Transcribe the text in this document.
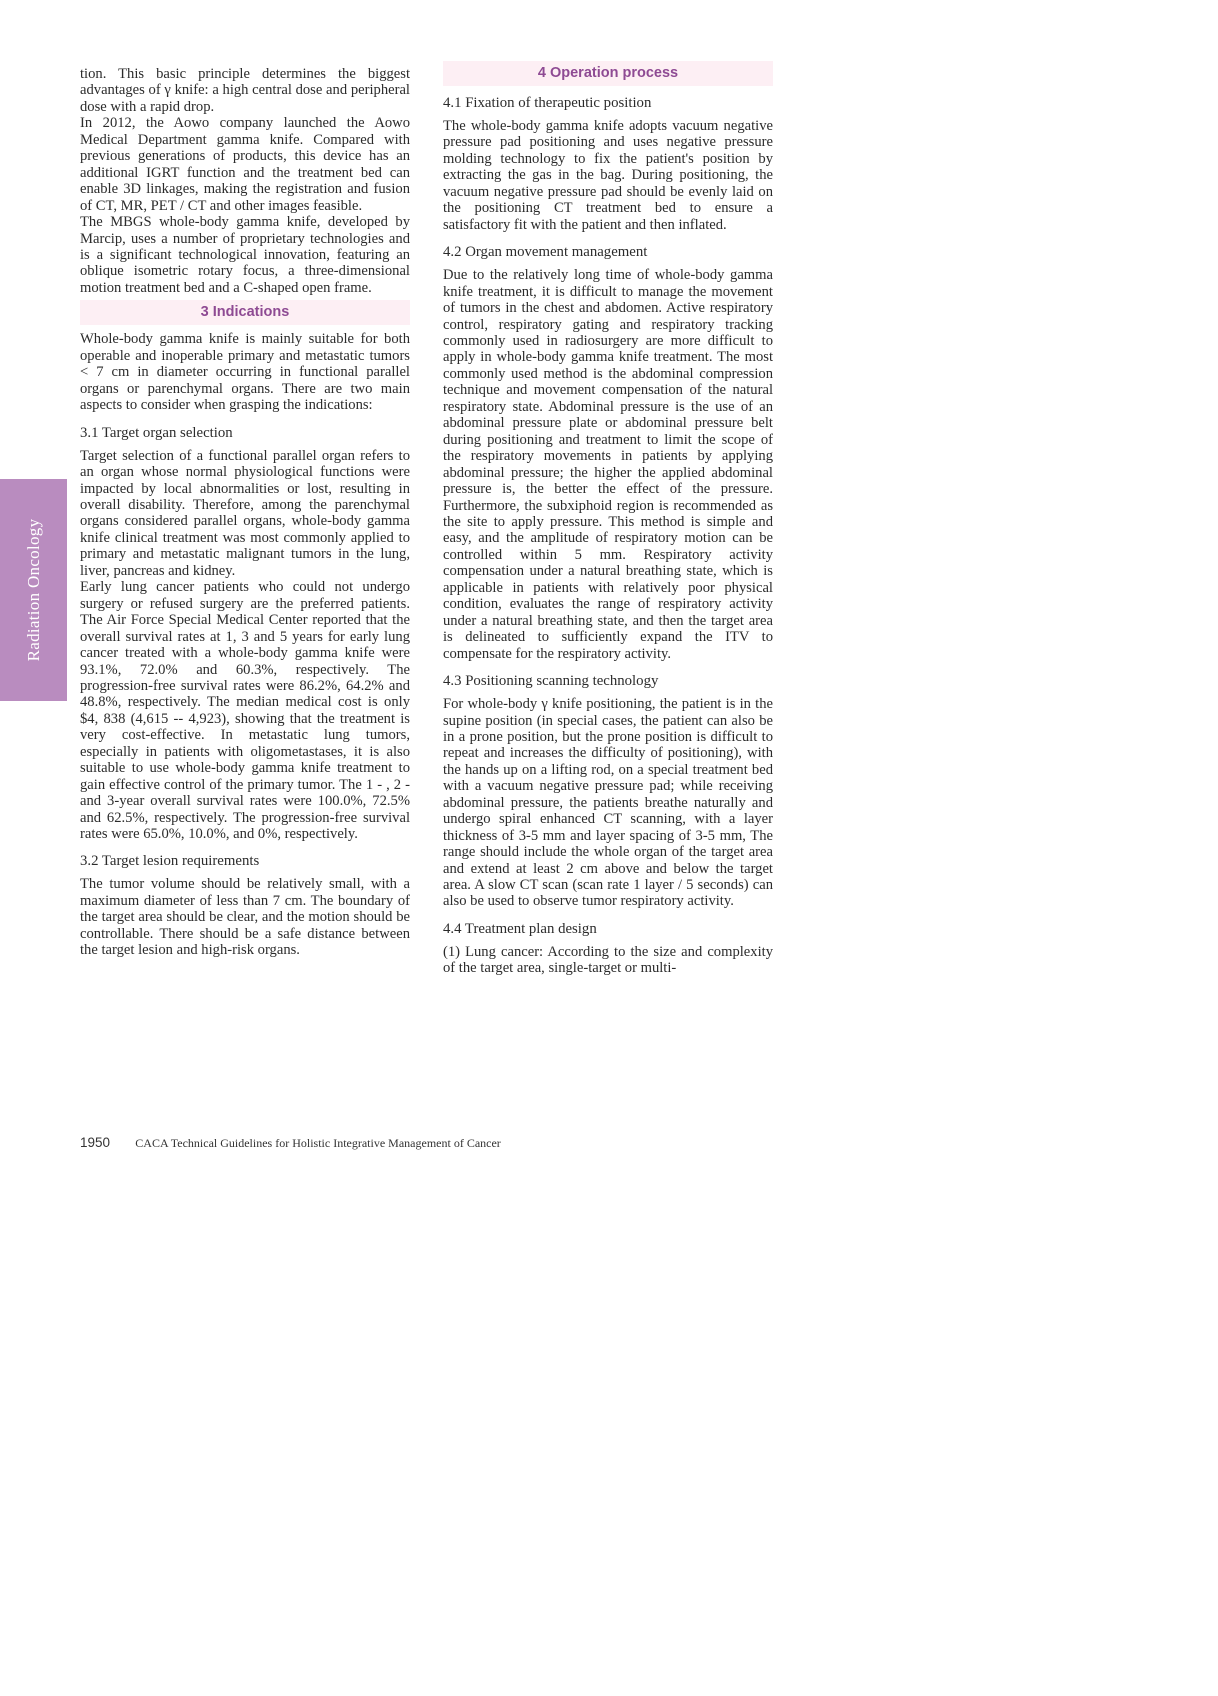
Radiation Oncology

tion. This basic principle determines the biggest advantages of γ knife: a high central dose and peripheral dose with a rapid drop.

In 2012, the Aowo company launched the Aowo Medical Department gamma knife. Compared with previous generations of products, this device has an additional IGRT function and the treatment bed can enable 3D linkages, making the registration and fusion of CT, MR, PET / CT and other images feasible.

The MBGS whole-body gamma knife, developed by Marcip, uses a number of proprietary technologies and is a significant technological innovation, featuring an oblique isometric rotary focus, a three-dimensional motion treatment bed and a C-shaped open frame.

3 Indications

Whole-body gamma knife is mainly suitable for both operable and inoperable primary and metastatic tumors < 7 cm in diameter occurring in functional parallel organs or parenchymal organs. There are two main aspects to consider when grasping the indications:

3.1 Target organ selection

Target selection of a functional parallel organ refers to an organ whose normal physiological functions were impacted by local abnormalities or lost, resulting in overall disability. Therefore, among the parenchymal organs considered parallel organs, whole-body gamma knife clinical treatment was most commonly applied to primary and metastatic malignant tumors in the lung, liver, pancreas and kidney.

Early lung cancer patients who could not undergo surgery or refused surgery are the preferred patients. The Air Force Special Medical Center reported that the overall survival rates at 1, 3 and 5 years for early lung cancer treated with a whole-body gamma knife were 93.1%, 72.0% and 60.3%, respectively. The progression-free survival rates were 86.2%, 64.2% and 48.8%, respectively. The median medical cost is only $4, 838 (4,615 -- 4,923), showing that the treatment is very cost-effective. In metastatic lung tumors, especially in patients with oligometastases, it is also suitable to use whole-body gamma knife treatment to gain effective control of the primary tumor. The 1 - , 2 - and 3-year overall survival rates were 100.0%, 72.5% and 62.5%, respectively. The progression-free survival rates were 65.0%, 10.0%, and 0%, respectively.

3.2 Target lesion requirements

The tumor volume should be relatively small, with a maximum diameter of less than 7 cm. The boundary of the target area should be clear, and the motion should be controllable. There should be a safe distance between the target lesion and high-risk organs.

4 Operation process
4.1 Fixation of therapeutic position

The whole-body gamma knife adopts vacuum negative pressure pad positioning and uses negative pressure molding technology to fix the patient's position by extracting the gas in the bag. During positioning, the vacuum negative pressure pad should be evenly laid on the positioning CT treatment bed to ensure a satisfactory fit with the patient and then inflated.

4.2 Organ movement management

Due to the relatively long time of whole-body gamma knife treatment, it is difficult to manage the movement of tumors in the chest and abdomen. Active respiratory control, respiratory gating and respiratory tracking commonly used in radiosurgery are more difficult to apply in whole-body gamma knife treatment. The most commonly used method is the abdominal compression technique and movement compensation of the natural respiratory state. Abdominal pressure is the use of an abdominal pressure plate or abdominal pressure belt during positioning and treatment to limit the scope of the respiratory movements in patients by applying abdominal pressure; the higher the applied abdominal pressure is, the better the effect of the pressure. Furthermore, the subxiphoid region is recommended as the site to apply pressure. This method is simple and easy, and the amplitude of respiratory motion can be controlled within 5 mm. Respiratory activity compensation under a natural breathing state, which is applicable in patients with relatively poor physical condition, evaluates the range of respiratory activity under a natural breathing state, and then the target area is delineated to sufficiently expand the ITV to compensate for the respiratory activity.

4.3 Positioning scanning technology

For whole-body γ knife positioning, the patient is in the supine position (in special cases, the patient can also be in a prone position, but the prone position is difficult to repeat and increases the difficulty of positioning), with the hands up on a lifting rod, on a special treatment bed with a vacuum negative pressure pad; while receiving abdominal pressure, the patients breathe naturally and undergo spiral enhanced CT scanning, with a layer thickness of 3-5 mm and layer spacing of 3-5 mm, The range should include the whole organ of the target area and extend at least 2 cm above and below the target area. A slow CT scan (scan rate 1 layer / 5 seconds) can also be used to observe tumor respiratory activity.

4.4 Treatment plan design

(1) Lung cancer: According to the size and complexity of the target area, single-target or multi-

1950 CACA Technical Guidelines for Holistic Integrative Management of Cancer
